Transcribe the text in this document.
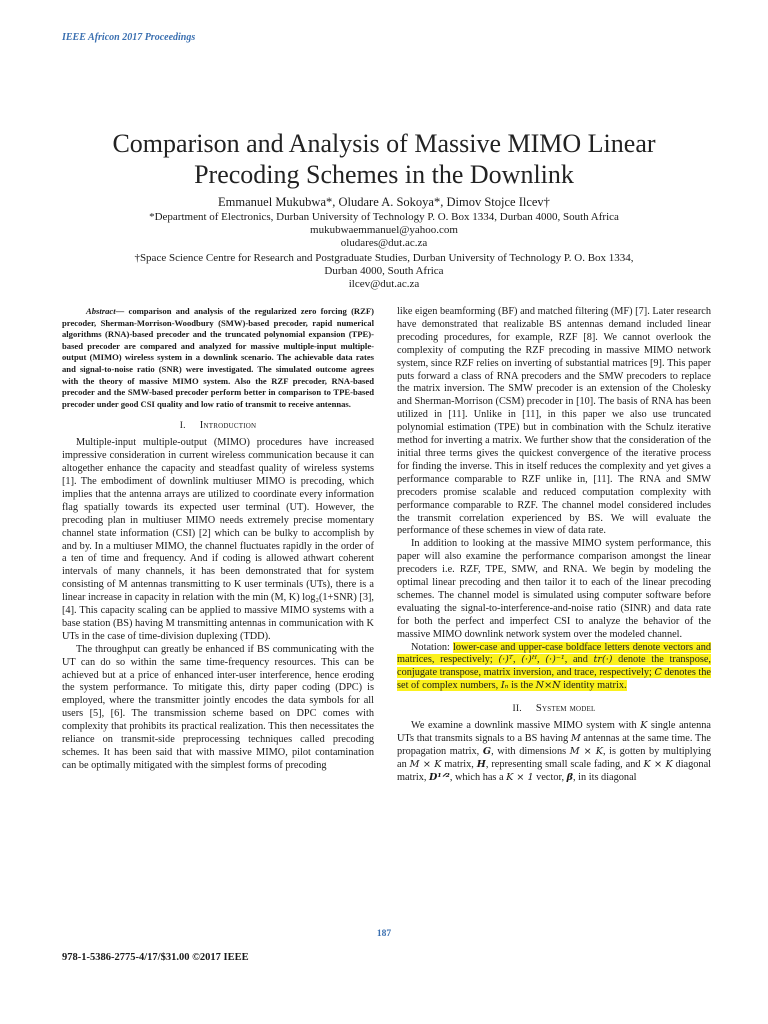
IEEE Africon 2017 Proceedings
Comparison and Analysis of Massive MIMO Linear
Precoding Schemes in the Downlink
Emmanuel Mukubwa*, Oludare A. Sokoya*, Dimov Stojce Ilcev†
*Department of Electronics, Durban University of Technology P. O. Box 1334, Durban 4000, South Africa
mukubwaemmanuel@yahoo.com
oludares@dut.ac.za
†Space Science Centre for Research and Postgraduate Studies, Durban University of Technology P. O. Box 1334,
Durban 4000, South Africa
ilcev@dut.ac.za

Abstract— comparison and analysis of the regularized zero forcing (RZF) precoder, Sherman-Morrison-Woodbury (SMW)-based precoder, rapid numerical algorithms (RNA)-based precoder and the truncated polynomial expansion (TPE)-based precoder are compared and analyzed for massive multiple-input multiple-output (MIMO) wireless system in a downlink scenario. The achievable data rates and signal-to-noise ratio (SNR) were investigated. The simulated outcome agrees with the theory of massive MIMO system. Also the RZF precoder, RNA-based precoder and the SMW-based precoder perform better in comparison to TPE-based precoder under good CSI quality and low ratio of transmit to receive antennas.

I. Introduction

Multiple-input multiple-output (MIMO) procedures have increased impressive consideration in current wireless communication because it can altogether enhance the capacity and steadfast quality of wireless systems [1]. The embodiment of downlink multiuser MIMO is precoding, which implies that the antenna arrays are utilized to coordinate every information flag spatially towards its expected user terminal (UT). However, the precoding plan in multiuser MIMO needs extremely precise momentary channel state information (CSI) [2] which can be bulky to accomplish by and by. In a multiuser MIMO, the channel fluctuates rapidly in the order of a ten of time and frequency. And if coding is allowed athwart coherent intervals of many channels, it has been demonstrated that for system consisting of M antennas transmitting to K user terminals (UTs), there is a linear increase in capacity in relation with the min (M, K) log₂(1+SNR) [3], [4]. This capacity scaling can be applied to massive MIMO systems with a base station (BS) having M transmitting antennas in communication with K UTs in the case of time-division duplexing (TDD).

The throughput can greatly be enhanced if BS communicating with the UT can do so within the same time-frequency resources. This can be achieved but at a price of enhanced inter-user interference, hence eroding the system performance. To mitigate this, dirty paper coding (DPC) is employed, where the transmitter jointly encodes the data symbols for all users [5], [6]. The transmission scheme based on DPC comes with complexity that prohibits its practical realization. This then necessitates the reliance on transmit-side preprocessing techniques called precoding schemes. It has been said that with massive MIMO, pilot contamination can be optimally mitigated with the simplest forms of precoding

like eigen beamforming (BF) and matched filtering (MF) [7]. Later research have demonstrated that realizable BS antennas demand included linear precoding procedures, for example, RZF [8]. We cannot overlook the complexity of computing the RZF precoding in massive MIMO network system, since RZF relies on inverting of substantial matrices [9]. This paper puts forward a class of RNA precoders and the SMW precoders to replace the matrix inversion. The SMW precoder is an extension of the Cholesky and Sherman-Morrison (CSM) precoder in [10]. The basis of RNA has been utilized in [11]. Unlike in [11], in this paper we also use truncated polynomial estimation (TPE) but in combination with the Schulz iterative method for inverting a matrix. We further show that the consideration of the initial three terms gives the quickest convergence of the iterative process for finding the inverse. This in itself reduces the complexity and yet gives a performance comparable to RZF unlike in, [11]. The RNA and SMW precoders promise scalable and reduced computation complexity with performance comparable to RZF. The channel model considered includes the transmit correlation experienced by BS. We will evaluate the performance of these schemes in view of data rate.

In addition to looking at the massive MIMO system performance, this paper will also examine the performance comparison amongst the linear precoders i.e. RZF, TPE, SMW, and RNA. We begin by modeling the optimal linear precoding and then tailor it to each of the linear precoding schemes. The channel model is simulated using computer software before evaluating the signal-to-interference-and-noise ratio (SINR) and data rate for both the perfect and imperfect CSI to analyze the behavior of the massive MIMO downlink network system over the modeled channel.

Notation: lower-case and upper-case boldface letters denote vectors and matrices, respectively; (·)ᵀ, (·)ᴴ, (·)⁻¹, and tr(·) denote the transpose, conjugate transpose, matrix inversion, and trace, respectively; C denotes the set of complex numbers, Iₙ is the N×N identity matrix.

II. System model

We examine a downlink massive MIMO system with K single antenna UTs that transmits signals to a BS having M antennas at the same time. The propagation matrix, G, with dimensions M × K, is gotten by multiplying an M × K matrix, H, representing small scale fading, and K × K diagonal matrix, D¹ᐟ², which has a K × 1 vector, β, in its diagonal

187
978-1-5386-2775-4/17/$31.00 ©2017 IEEE
